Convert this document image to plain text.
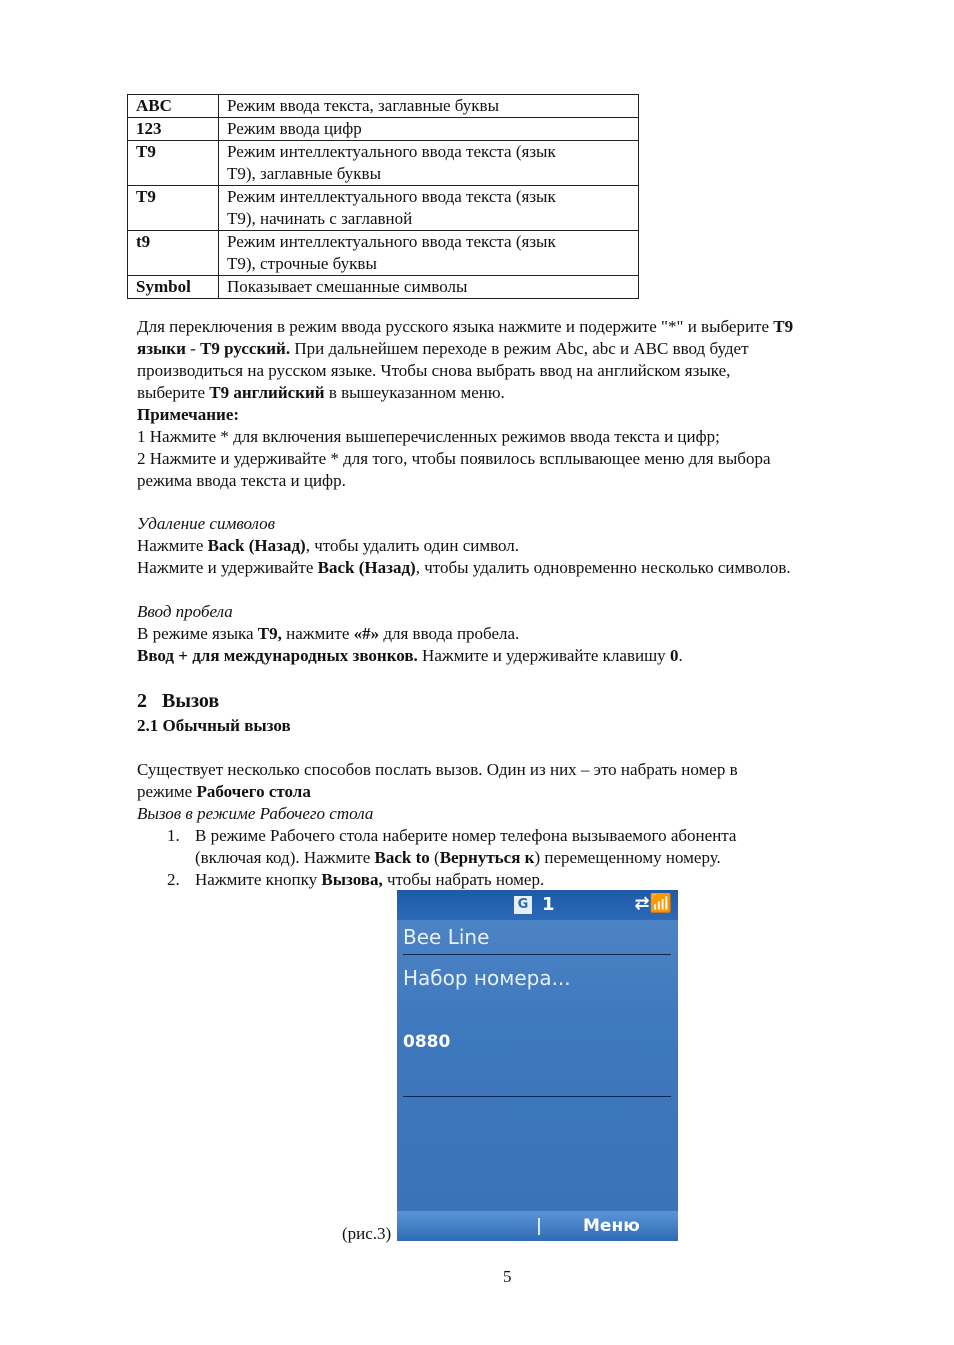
ABC	Режим ввода текста, заглавные буквы

123	Режим ввода цифр

T9	Режим интеллектуального ввода текста (язык
Т9), заглавные буквы

T9	Режим интеллектуального ввода текста (язык
Т9), начинать с заглавной

t9	Режим интеллектуального ввода текста (язык
Т9), строчные буквы

Symbol	Показывает смешанные символы
Для переключения в режим ввода русского языка нажмите и подержите "*" и выберите T9
языки - T9 русский. При дальнейшем переходе в режим Abc, abc и ABC ввод будет
производиться на русском языке. Чтобы снова выбрать ввод на английском языке,
выберите T9 английский в вышеуказанном меню.
Примечание:
1 Нажмите * для включения вышеперечисленных режимов ввода текста и цифр;
2 Нажмите и удерживайте * для того, чтобы появилось всплывающее меню для выбора
режима ввода текста и цифр.
Удаление символов
Нажмите Back (Назад), чтобы удалить один символ.
Нажмите и удерживайте Back (Назад), чтобы удалить одновременно несколько символов.
Ввод пробела
В режиме языка T9, нажмите «#» для ввода пробела.
Ввод + для международных звонков. Нажмите и удерживайте клавишу 0.
2   Вызов
2.1 Обычный вызов
Существует несколько способов послать вызов. Один из них – это набрать номер в
режиме Рабочего стола
Вызов в режиме Рабочего стола
1. В режиме Рабочего стола наберите номер телефона вызываемого абонента
(включая код). Нажмите Back to (Вернуться к) перемещенному номеру.
2. Нажмите кнопку Вызова, чтобы набрать номер.
G 1	⇄📶
Bee Line
Набор номера...
0880
Меню
(рис.3)
5
